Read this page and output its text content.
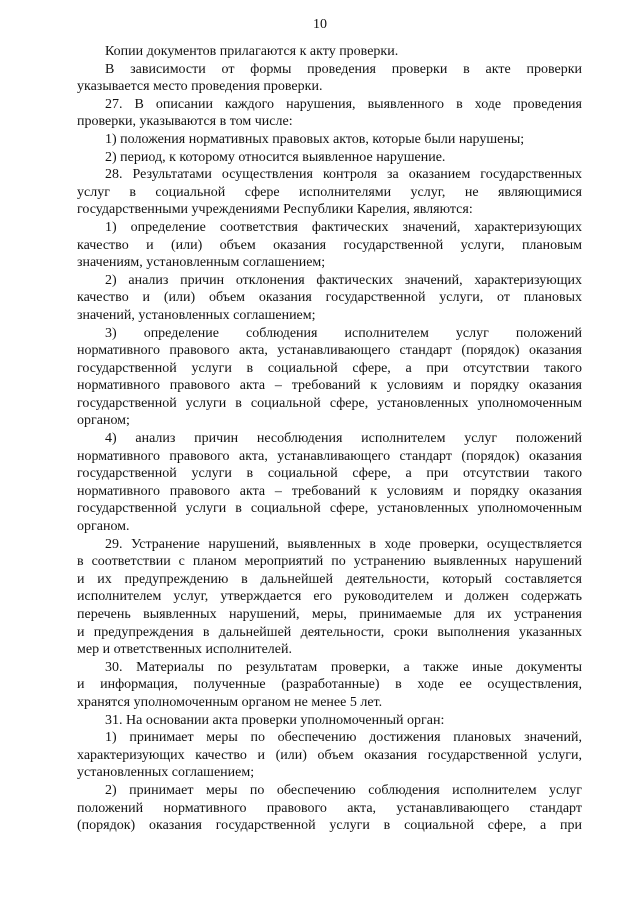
10
Копии документов прилагаются к акту проверки.
В зависимости от формы проведения проверки в акте проверки
указывается место проведения проверки.
27. В описании каждого нарушения, выявленного в ходе проведения
проверки, указываются в том числе:
1) положения нормативных правовых актов, которые были нарушены;
2) период, к которому относится выявленное нарушение.
28. Результатами осуществления контроля за оказанием государственных
услуг в социальной сфере исполнителями услуг, не являющимися
государственными учреждениями Республики Карелия, являются:
1) определение соответствия фактических значений, характеризующих
качество и (или) объем оказания государственной услуги, плановым
значениям, установленным соглашением;
2) анализ причин отклонения фактических значений, характеризующих
качество и (или) объем оказания государственной услуги, от плановых
значений, установленных соглашением;
3) определение соблюдения исполнителем услуг положений
нормативного правового акта, устанавливающего стандарт (порядок) оказания
государственной услуги в социальной сфере, а при отсутствии такого
нормативного правового акта – требований к условиям и порядку оказания
государственной услуги в социальной сфере, установленных уполномоченным
органом;
4) анализ причин несоблюдения исполнителем услуг положений
нормативного правового акта, устанавливающего стандарт (порядок) оказания
государственной услуги в социальной сфере, а при отсутствии такого
нормативного правового акта – требований к условиям и порядку оказания
государственной услуги в социальной сфере, установленных уполномоченным
органом.
29. Устранение нарушений, выявленных в ходе проверки, осуществляется
в соответствии с планом мероприятий по устранению выявленных нарушений
и их предупреждению в дальнейшей деятельности, который составляется
исполнителем услуг, утверждается его руководителем и должен содержать
перечень выявленных нарушений, меры, принимаемые для их устранения
и предупреждения в дальнейшей деятельности, сроки выполнения указанных
мер и ответственных исполнителей.
30. Материалы по результатам проверки, а также иные документы
и информация, полученные (разработанные) в ходе ее осуществления,
хранятся уполномоченным органом не менее 5 лет.
31. На основании акта проверки уполномоченный орган:
1) принимает меры по обеспечению достижения плановых значений,
характеризующих качество и (или) объем оказания государственной услуги,
установленных соглашением;
2) принимает меры по обеспечению соблюдения исполнителем услуг
положений нормативного правового акта, устанавливающего стандарт
(порядок) оказания государственной услуги в социальной сфере, а при
